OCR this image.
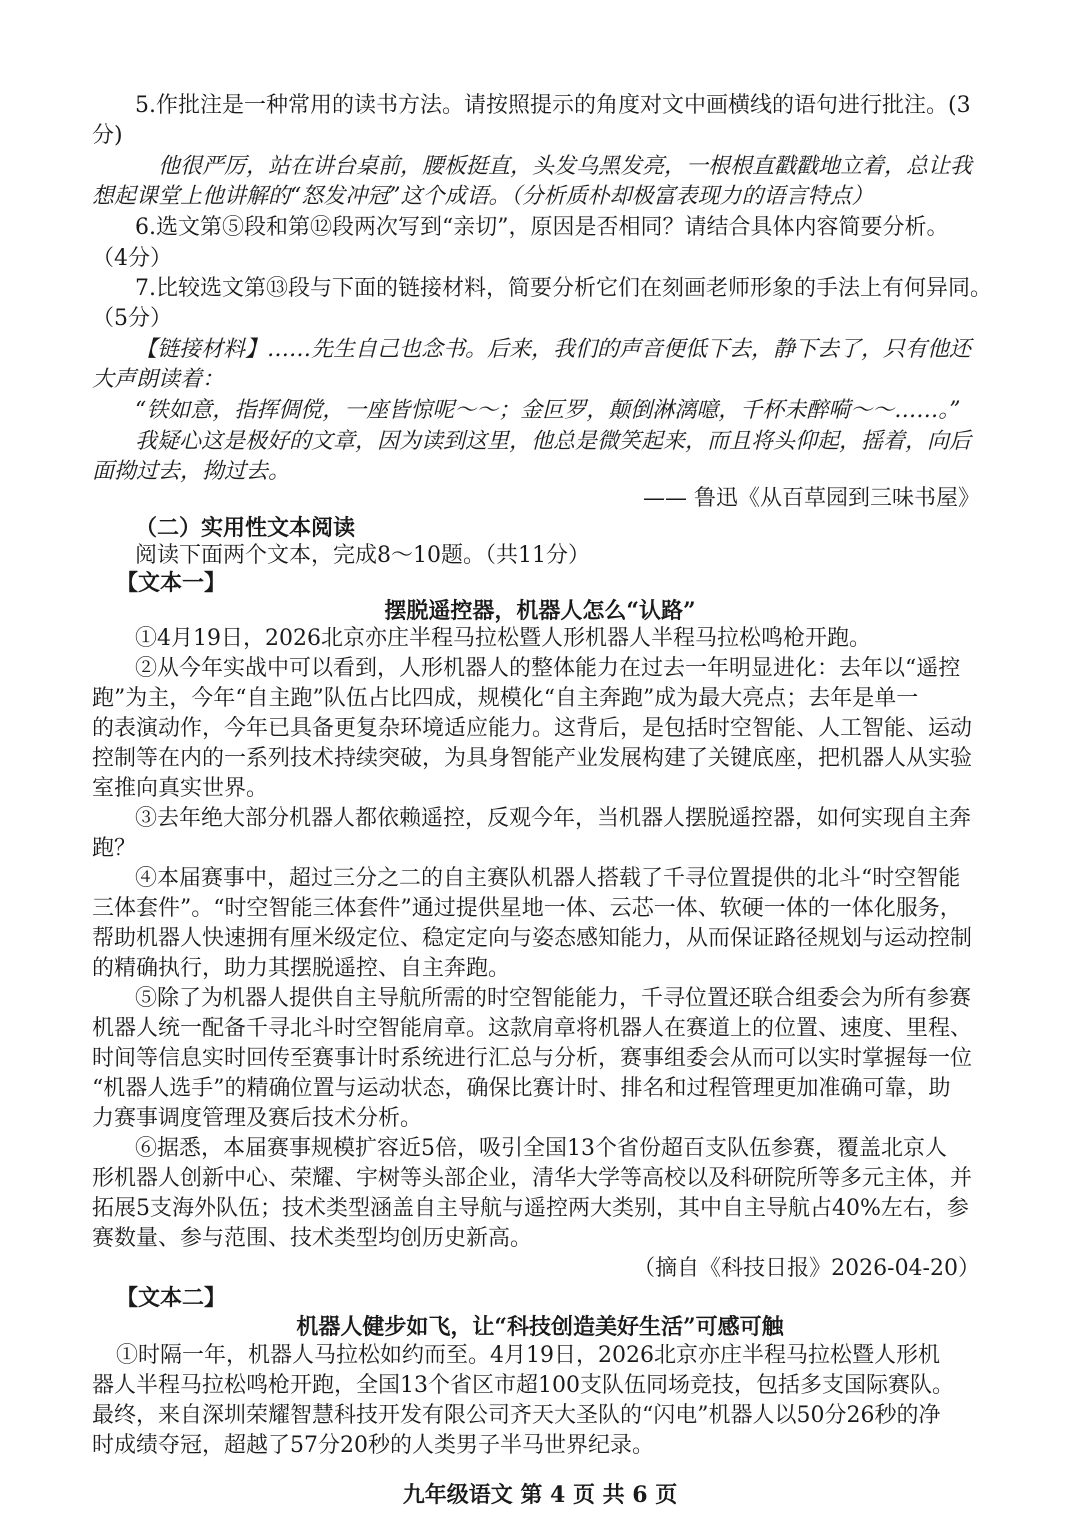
5.作批注是一种常用的读书方法。请按照提示的角度对文中画横线的语句进行批注。(3

分)

他很严厉，站在讲台桌前，腰板挺直，头发乌黑发亮，一根根直戳戳地立着，总让我

想起课堂上他讲解的“怒发冲冠”这个成语。（分析质朴却极富表现力的语言特点）

6.选文第⑤段和第⑫段两次写到“亲切”，原因是否相同？请结合具体内容简要分析。

（4分）

7.比较选文第⑬段与下面的链接材料，简要分析它们在刻画老师形象的手法上有何异同。

（5分）

【链接材料】……先生自己也念书。后来，我们的声音便低下去，静下去了，只有他还

大声朗读着：

“铁如意，指挥倜傥，一座皆惊呢～～；金叵罗，颠倒淋漓噫，千杯未醉嗬～～……。”

我疑心这是极好的文章，因为读到这里，他总是微笑起来，而且将头仰起，摇着，向后

面拗过去，拗过去。

—— 鲁迅《从百草园到三味书屋》

（二）实用性文本阅读

阅读下面两个文本，完成8～10题。（共11分）

【文本一】

摆脱遥控器，机器人怎么“认路”

①4月19日，2026北京亦庄半程马拉松暨人形机器人半程马拉松鸣枪开跑。

②从今年实战中可以看到，人形机器人的整体能力在过去一年明显进化：去年以“遥控

跑”为主，今年“自主跑”队伍占比四成，规模化“自主奔跑”成为最大亮点；去年是单一

的表演动作，今年已具备更复杂环境适应能力。这背后，是包括时空智能、人工智能、运动

控制等在内的一系列技术持续突破，为具身智能产业发展构建了关键底座，把机器人从实验

室推向真实世界。

③去年绝大部分机器人都依赖遥控，反观今年，当机器人摆脱遥控器，如何实现自主奔

跑？

④本届赛事中，超过三分之二的自主赛队机器人搭载了千寻位置提供的北斗“时空智能

三体套件”。“时空智能三体套件”通过提供星地一体、云芯一体、软硬一体的一体化服务，

帮助机器人快速拥有厘米级定位、稳定定向与姿态感知能力，从而保证路径规划与运动控制

的精确执行，助力其摆脱遥控、自主奔跑。

⑤除了为机器人提供自主导航所需的时空智能能力，千寻位置还联合组委会为所有参赛

机器人统一配备千寻北斗时空智能肩章。这款肩章将机器人在赛道上的位置、速度、里程、

时间等信息实时回传至赛事计时系统进行汇总与分析，赛事组委会从而可以实时掌握每一位

“机器人选手”的精确位置与运动状态，确保比赛计时、排名和过程管理更加准确可靠，助

力赛事调度管理及赛后技术分析。

⑥据悉，本届赛事规模扩容近5倍，吸引全国13个省份超百支队伍参赛，覆盖北京人

形机器人创新中心、荣耀、宇树等头部企业，清华大学等高校以及科研院所等多元主体，并

拓展5支海外队伍；技术类型涵盖自主导航与遥控两大类别，其中自主导航占40%左右，参

赛数量、参与范围、技术类型均创历史新高。

（摘自《科技日报》2026-04-20）

【文本二】

机器人健步如飞，让“科技创造美好生活”可感可触

①时隔一年，机器人马拉松如约而至。4月19日，2026北京亦庄半程马拉松暨人形机

器人半程马拉松鸣枪开跑，全国13个省区市超100支队伍同场竞技，包括多支国际赛队。

最终，来自深圳荣耀智慧科技开发有限公司齐天大圣队的“闪电”机器人以50分26秒的净

时成绩夺冠，超越了57分20秒的人类男子半马世界纪录。

九年级语文 第 4 页 共 6 页
